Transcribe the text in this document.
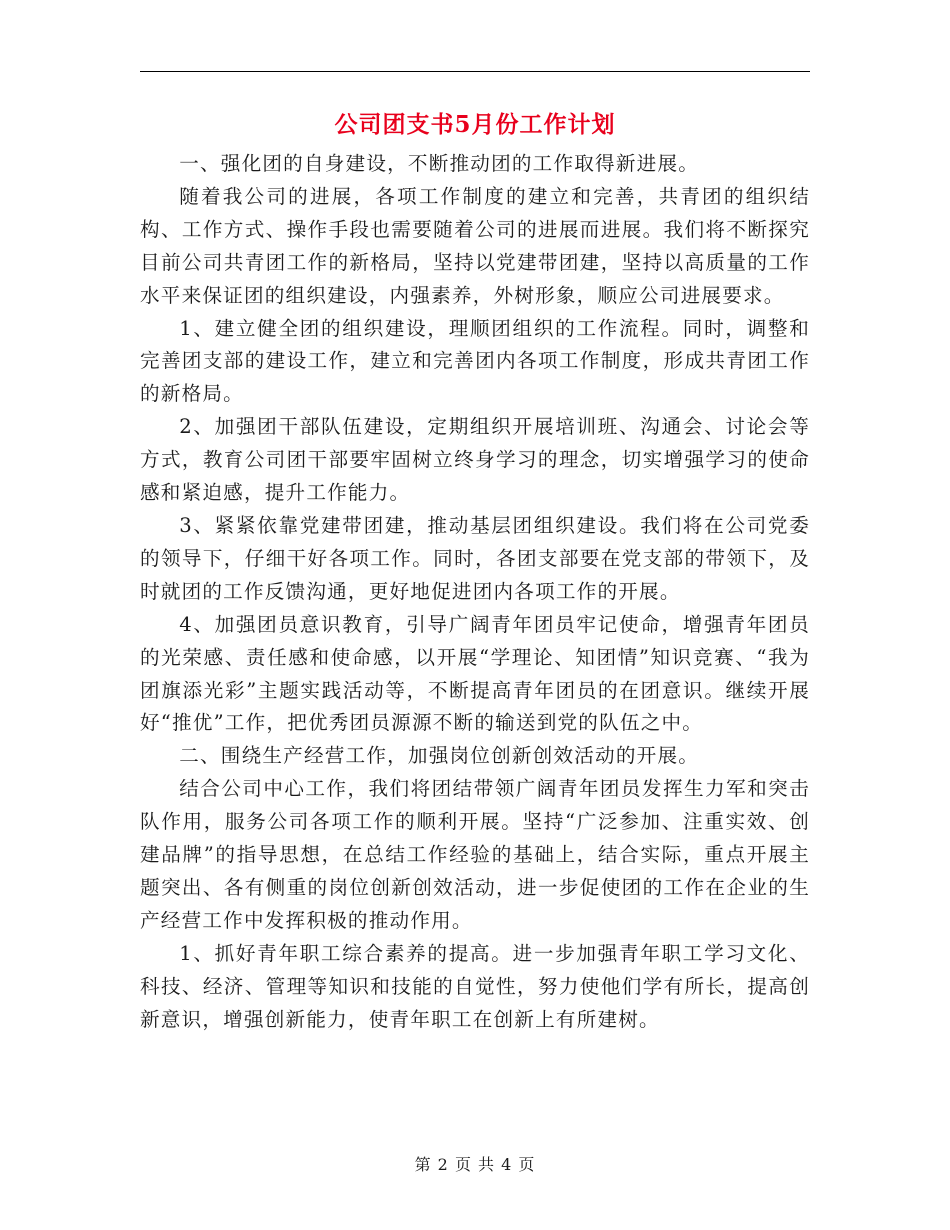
公司团支书5月份工作计划

一、强化团的自身建设，不断推动团的工作取得新进展。

随着我公司的进展，各项工作制度的建立和完善，共青团的组织结构、工作方式、操作手段也需要随着公司的进展而进展。我们将不断探究目前公司共青团工作的新格局，坚持以党建带团建，坚持以高质量的工作水平来保证团的组织建设，内强素养，外树形象，顺应公司进展要求。

1、建立健全团的组织建设，理顺团组织的工作流程。同时，调整和完善团支部的建设工作，建立和完善团内各项工作制度，形成共青团工作的新格局。

2、加强团干部队伍建设，定期组织开展培训班、沟通会、讨论会等方式，教育公司团干部要牢固树立终身学习的理念，切实增强学习的使命感和紧迫感，提升工作能力。

3、紧紧依靠党建带团建，推动基层团组织建设。我们将在公司党委的领导下，仔细干好各项工作。同时，各团支部要在党支部的带领下，及时就团的工作反馈沟通，更好地促进团内各项工作的开展。

4、加强团员意识教育，引导广阔青年团员牢记使命，增强青年团员的光荣感、责任感和使命感，以开展“学理论、知团情”知识竞赛、“我为团旗添光彩”主题实践活动等，不断提高青年团员的在团意识。继续开展好“推优”工作，把优秀团员源源不断的输送到党的队伍之中。

二、围绕生产经营工作，加强岗位创新创效活动的开展。

结合公司中心工作，我们将团结带领广阔青年团员发挥生力军和突击队作用，服务公司各项工作的顺利开展。坚持“广泛参加、注重实效、创建品牌”的指导思想，在总结工作经验的基础上，结合实际，重点开展主题突出、各有侧重的岗位创新创效活动，进一步促使团的工作在企业的生产经营工作中发挥积极的推动作用。

1、抓好青年职工综合素养的提高。进一步加强青年职工学习文化、科技、经济、管理等知识和技能的自觉性，努力使他们学有所长，提高创新意识，增强创新能力，使青年职工在创新上有所建树。

第 2 页 共 4 页
